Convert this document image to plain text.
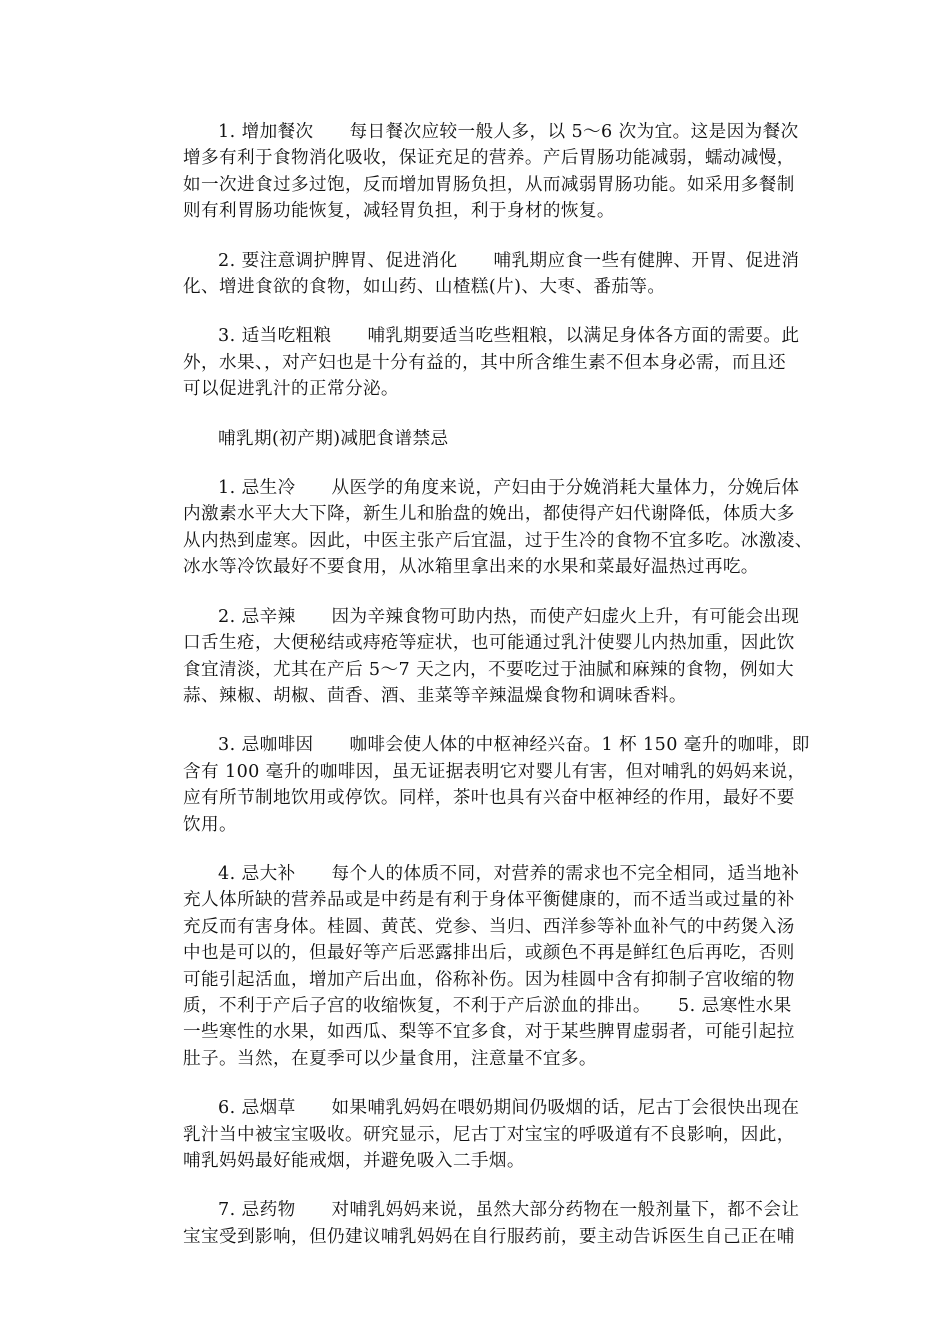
1. 增加餐次　　每日餐次应较一般人多，以 5～6 次为宜。这是因为餐次
增多有利于食物消化吸收，保证充足的营养。产后胃肠功能减弱，蠕动减慢，
如一次进食过多过饱，反而增加胃肠负担，从而减弱胃肠功能。如采用多餐制
则有利胃肠功能恢复，减轻胃负担，利于身材的恢复。
2. 要注意调护脾胃、促进消化　　哺乳期应食一些有健脾、开胃、促进消
化、增进食欲的食物，如山药、山楂糕(片)、大枣、番茄等。
3. 适当吃粗粮　　哺乳期要适当吃些粗粮，以满足身体各方面的需要。此
外，水果、，对产妇也是十分有益的，其中所含维生素不但本身必需，而且还
可以促进乳汁的正常分泌。
哺乳期(初产期)减肥食谱禁忌
1. 忌生冷　　从医学的角度来说，产妇由于分娩消耗大量体力，分娩后体
内激素水平大大下降，新生儿和胎盘的娩出，都使得产妇代谢降低，体质大多
从内热到虚寒。因此，中医主张产后宜温，过于生冷的食物不宜多吃。冰激凌、
冰水等冷饮最好不要食用，从冰箱里拿出来的水果和菜最好温热过再吃。
2. 忌辛辣　　因为辛辣食物可助内热，而使产妇虚火上升，有可能会出现
口舌生疮，大便秘结或痔疮等症状，也可能通过乳汁使婴儿内热加重，因此饮
食宜清淡，尤其在产后 5～7 天之内，不要吃过于油腻和麻辣的食物，例如大
蒜、辣椒、胡椒、茴香、酒、韭菜等辛辣温燥食物和调味香料。
3. 忌咖啡因　　咖啡会使人体的中枢神经兴奋。1 杯 150 毫升的咖啡，即
含有 100 毫升的咖啡因，虽无证据表明它对婴儿有害，但对哺乳的妈妈来说，
应有所节制地饮用或停饮。同样，茶叶也具有兴奋中枢神经的作用，最好不要
饮用。
4. 忌大补　　每个人的体质不同，对营养的需求也不完全相同，适当地补
充人体所缺的营养品或是中药是有利于身体平衡健康的，而不适当或过量的补
充反而有害身体。桂圆、黄芪、党参、当归、西洋参等补血补气的中药煲入汤
中也是可以的，但最好等产后恶露排出后，或颜色不再是鲜红色后再吃，否则
可能引起活血，增加产后出血，俗称补伤。因为桂圆中含有抑制子宫收缩的物
质，不利于产后子宫的收缩恢复，不利于产后淤血的排出。　　5. 忌寒性水果
一些寒性的水果，如西瓜、梨等不宜多食，对于某些脾胃虚弱者，可能引起拉
肚子。当然，在夏季可以少量食用，注意量不宜多。
6. 忌烟草　　如果哺乳妈妈在喂奶期间仍吸烟的话，尼古丁会很快出现在
乳汁当中被宝宝吸收。研究显示，尼古丁对宝宝的呼吸道有不良影响，因此，
哺乳妈妈最好能戒烟，并避免吸入二手烟。
7. 忌药物　　对哺乳妈妈来说，虽然大部分药物在一般剂量下，都不会让
宝宝受到影响，但仍建议哺乳妈妈在自行服药前，要主动告诉医生自己正在哺
